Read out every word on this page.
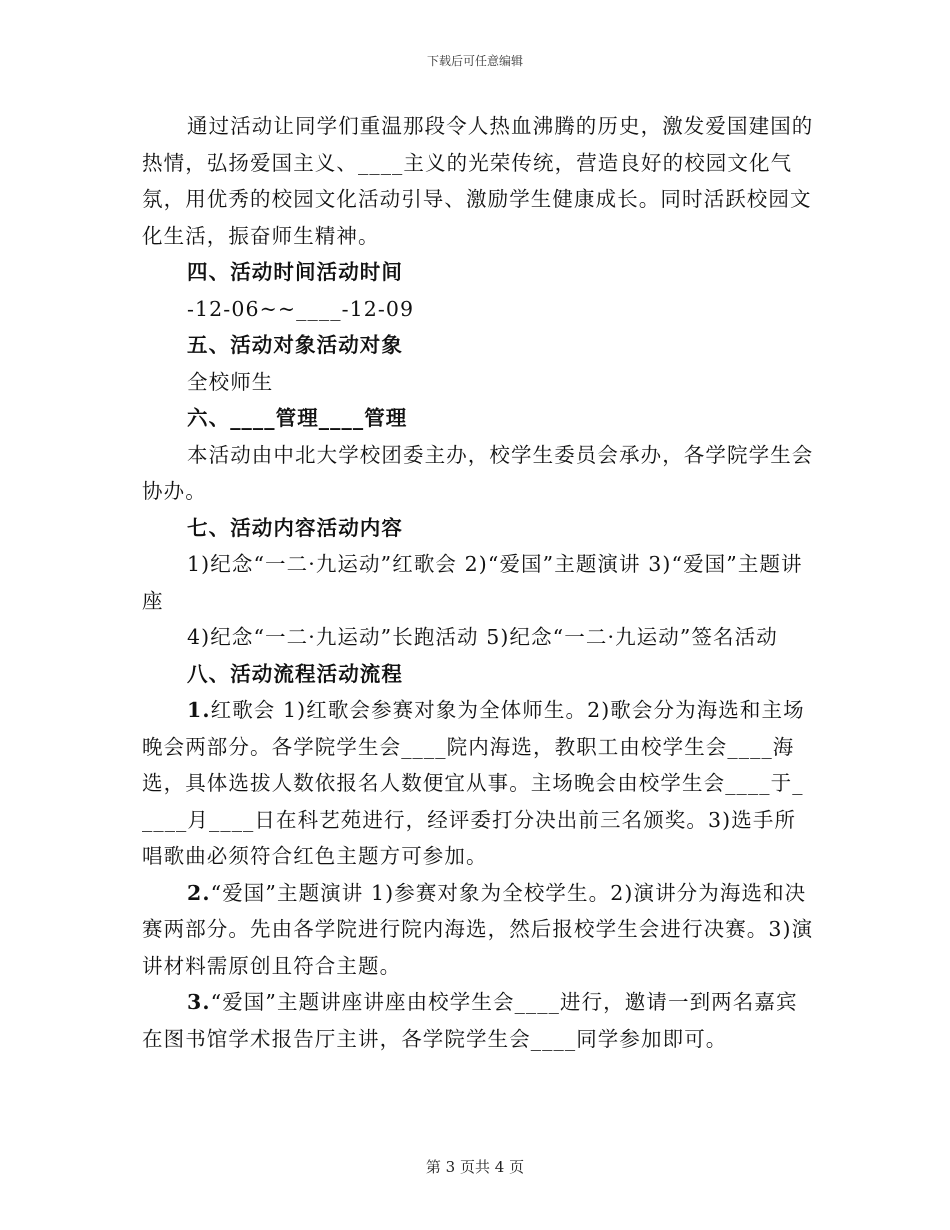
下载后可任意编辑

通过活动让同学们重温那段令人热血沸腾的历史，激发爱国建国的热情，弘扬爱国主义、____主义的光荣传统，营造良好的校园文化气氛，用优秀的校园文化活动引导、激励学生健康成长。同时活跃校园文化生活，振奋师生精神。

四、活动时间活动时间

-12-06~~____-12-09

五、活动对象活动对象

全校师生

六、____管理____管理

本活动由中北大学校团委主办，校学生委员会承办，各学院学生会协办。

七、活动内容活动内容

1)纪念“一二·九运动”红歌会 2)“爱国”主题演讲 3)“爱国”主题讲座

4)纪念“一二·九运动”长跑活动 5)纪念“一二·九运动”签名活动

八、活动流程活动流程

1.红歌会 1)红歌会参赛对象为全体师生。2)歌会分为海选和主场晚会两部分。各学院学生会____院内海选，教职工由校学生会____海选，具体选拔人数依报名人数便宜从事。主场晚会由校学生会____于_____月____日在科艺苑进行，经评委打分决出前三名颁奖。3)选手所唱歌曲必须符合红色主题方可参加。

2.“爱国”主题演讲 1)参赛对象为全校学生。2)演讲分为海选和决赛两部分。先由各学院进行院内海选，然后报校学生会进行决赛。3)演讲材料需原创且符合主题。

3.“爱国”主题讲座讲座由校学生会____进行，邀请一到两名嘉宾在图书馆学术报告厅主讲，各学院学生会____同学参加即可。

第 3 页共 4 页
